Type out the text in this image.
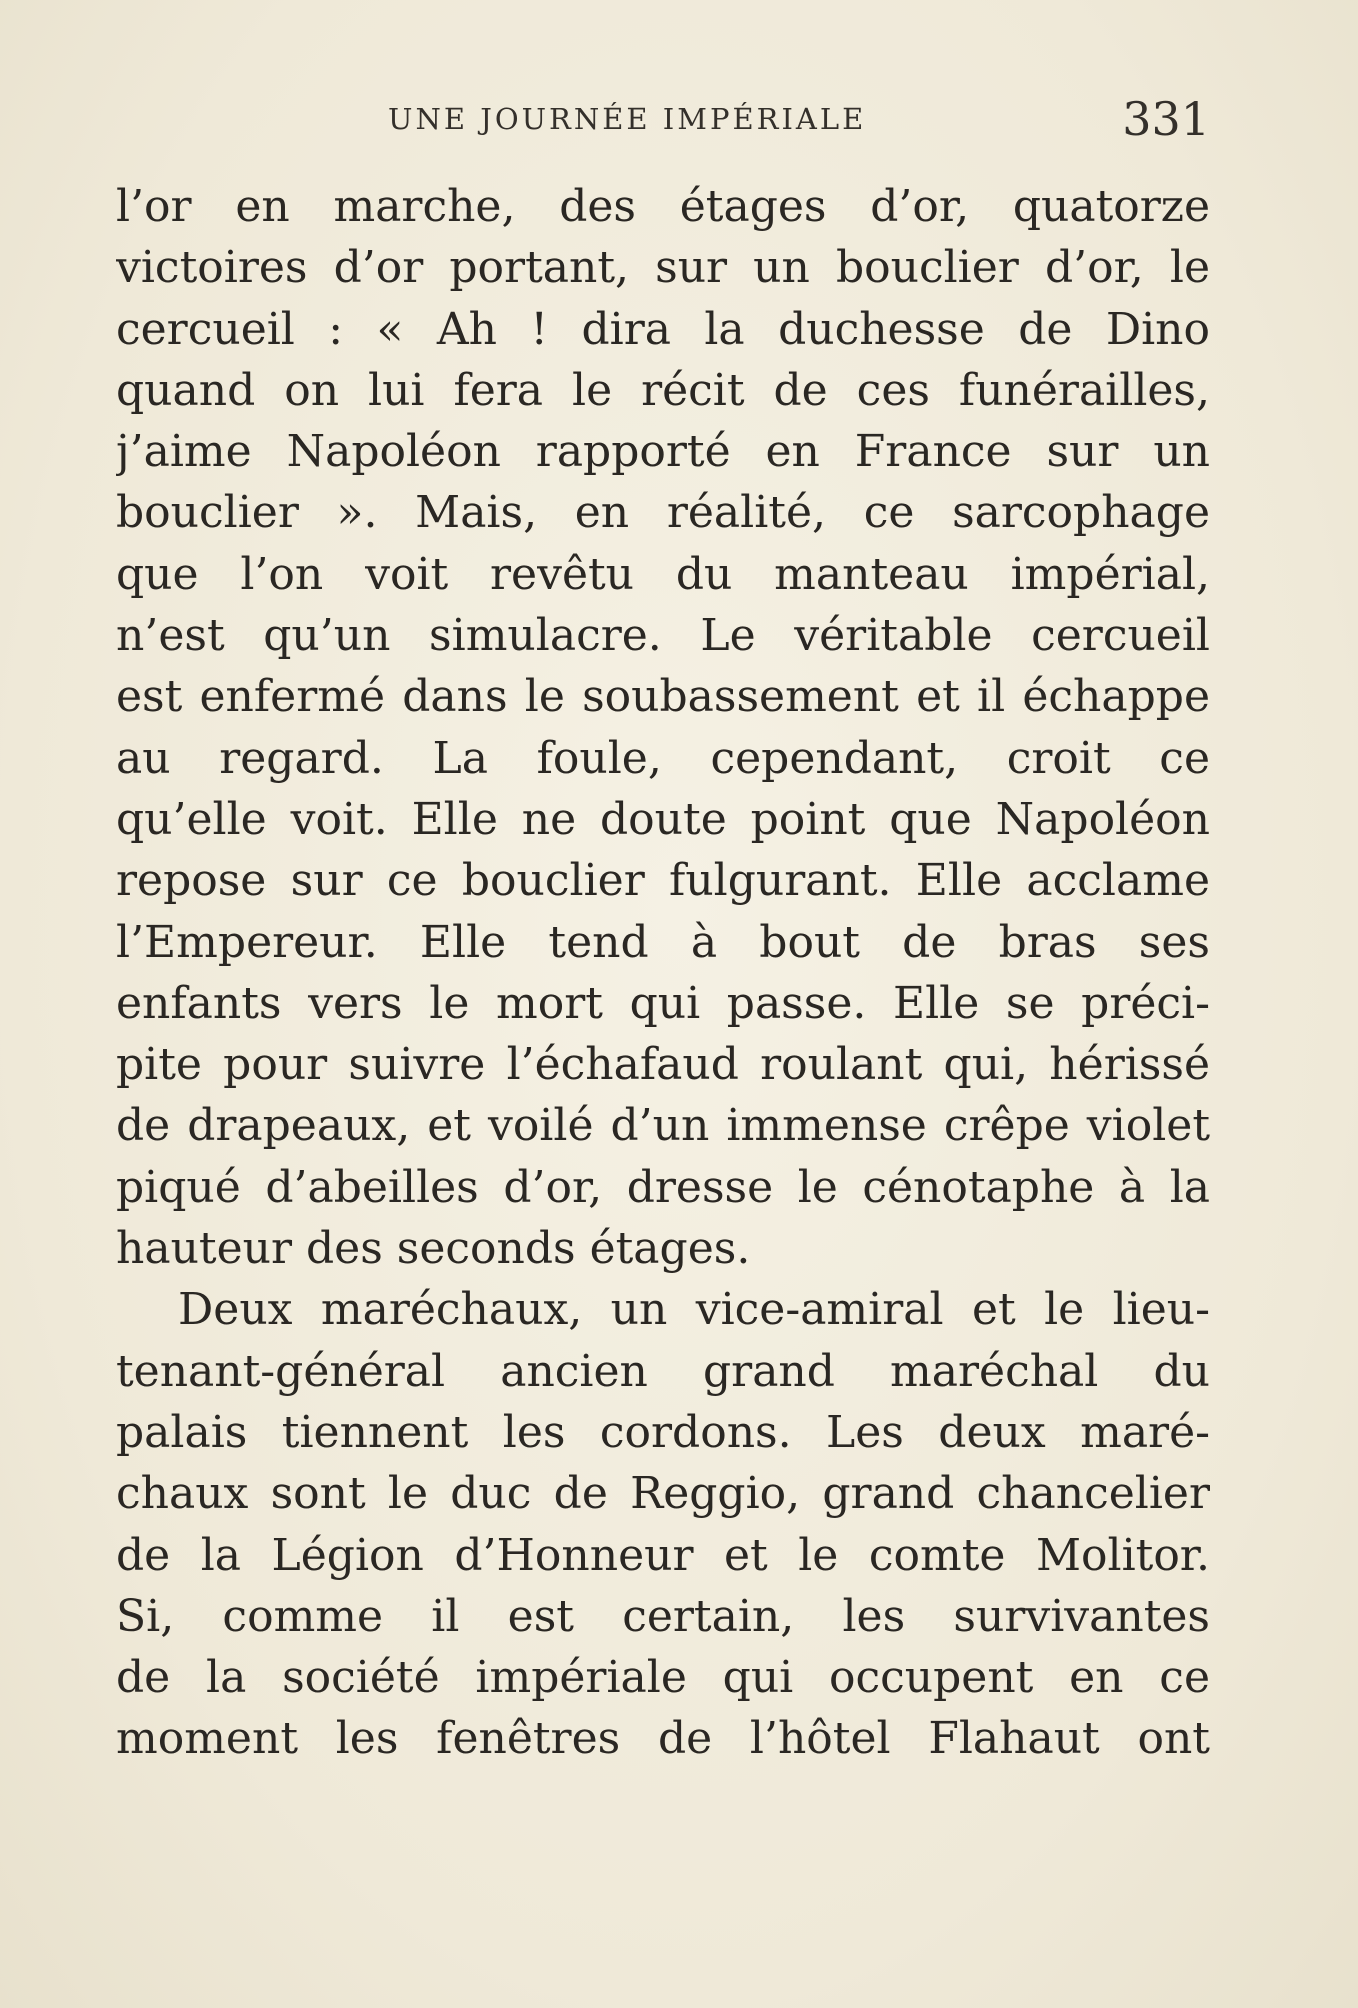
UNE JOURNÉE IMPÉRIALE	331
l’or en marche, des étages d’or, quatorze
victoires d’or portant, sur un bouclier d’or, le
cercueil : « Ah ! dira la duchesse de Dino
quand on lui fera le récit de ces funérailles,
j’aime Napoléon rapporté en France sur un
bouclier ». Mais, en réalité, ce sarcophage
que l’on voit revêtu du manteau impérial,
n’est qu’un simulacre. Le véritable cercueil
est enfermé dans le soubassement et il échappe
au regard. La foule, cependant, croit ce
qu’elle voit. Elle ne doute point que Napoléon
repose sur ce bouclier fulgurant. Elle acclame
l’Empereur. Elle tend à bout de bras ses
enfants vers le mort qui passe. Elle se préci-
pite pour suivre l’échafaud roulant qui, hérissé
de drapeaux, et voilé d’un immense crêpe violet
piqué d’abeilles d’or, dresse le cénotaphe à la
hauteur des seconds étages.
Deux maréchaux, un vice-amiral et le lieu-
tenant-général ancien grand maréchal du
palais tiennent les cordons. Les deux maré-
chaux sont le duc de Reggio, grand chancelier
de la Légion d’Honneur et le comte Molitor.
Si, comme il est certain, les survivantes
de la société impériale qui occupent en ce
moment les fenêtres de l’hôtel Flahaut ont
